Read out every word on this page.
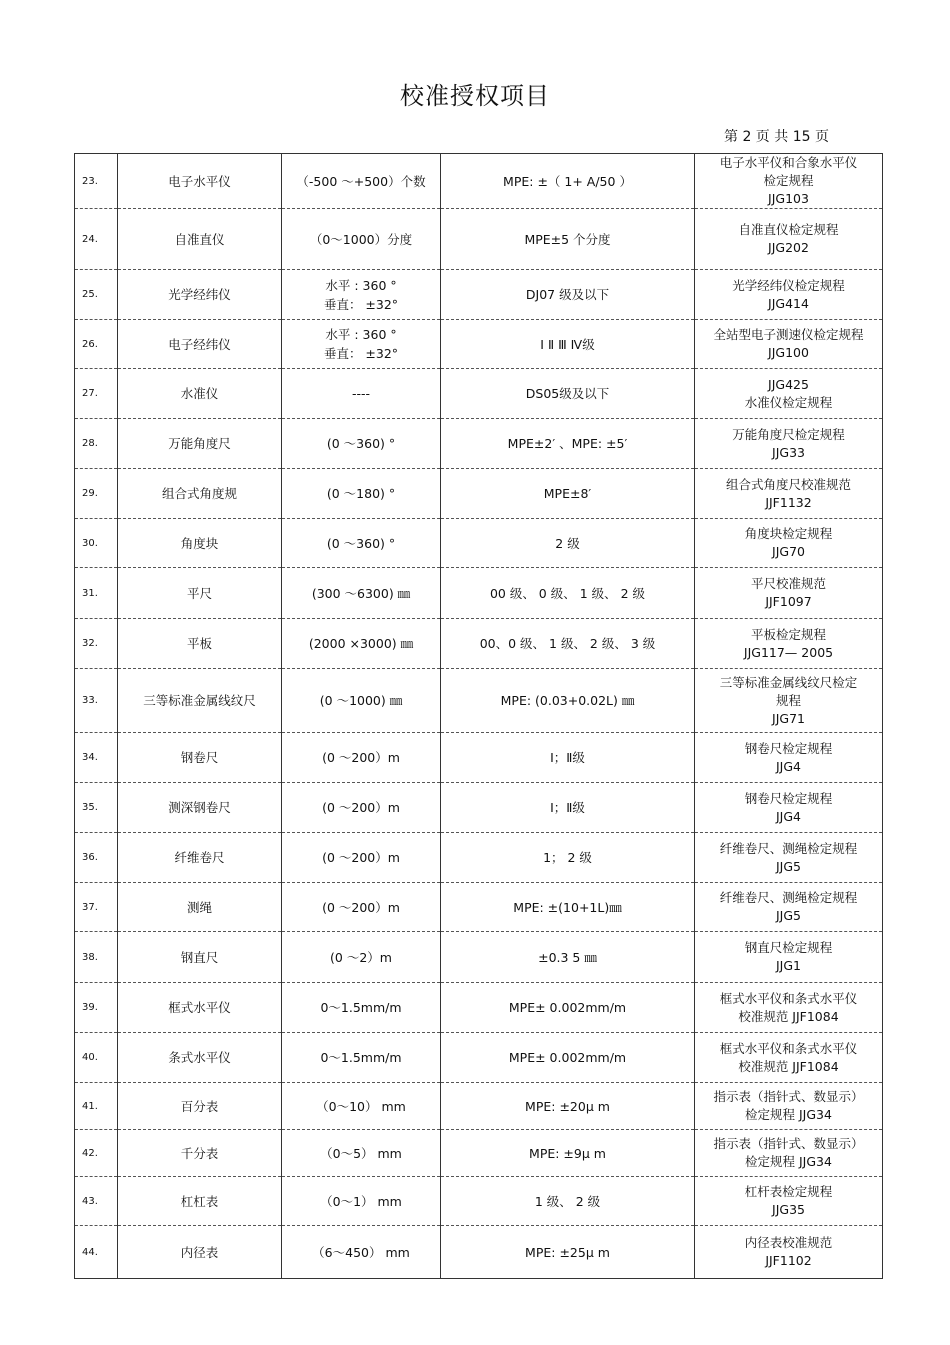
校准授权项目
第 2 页 共 15 页
23.	电子水平仪	（-500 ～+500）个数	MPE: ±（ 1+ A/50 ）	电子水平仪和合象水平仪
检定规程
JJG103

24.	自准直仪	（0～1000）分度	MPE±5 个分度	自准直仪检定规程
JJG202

25.	光学经纬仪	水平 : 360 °
垂直： ±32°	DJ07 级及以下	光学经纬仪检定规程
JJG414

26.	电子经纬仪	水平 : 360 °
垂直： ±32°	Ⅰ Ⅱ Ⅲ Ⅳ级	全站型电子测速仪检定规程
JJG100

27.	水准仪	----	DS05级及以下	JJG425
水准仪检定规程

28.	万能角度尺	(0 ～360) °	MPE±2′ 、MPE: ±5′	万能角度尺检定规程
JJG33

29.	组合式角度规	(0 ～180) °	MPE±8′	组合式角度尺校准规范
JJF1132

30.	角度块	(0 ～360) °	2 级	角度块检定规程
JJG70

31.	平尺	(300 ～6300) ㎜	00 级、 0 级、 1 级、 2 级	平尺校准规范
JJF1097

32.	平板	(2000 ×3000) ㎜	00、0 级、 1 级、 2 级、 3 级	平板检定规程
JJG117— 2005

33.	三等标准金属线纹尺	(0 ～1000) ㎜	MPE: (0.03+0.02L) ㎜	三等标准金属线纹尺检定
规程
JJG71

34.	钢卷尺	(0 ～200）m	Ⅰ；Ⅱ级	钢卷尺检定规程
JJG4

35.	测深钢卷尺	(0 ～200）m	Ⅰ；Ⅱ级	钢卷尺检定规程
JJG4

36.	纤维卷尺	(0 ～200）m	1； 2 级	纤维卷尺、测绳检定规程
JJG5

37.	测绳	(0 ～200）m	MPE: ±(10+1L)㎜	纤维卷尺、测绳检定规程
JJG5

38.	钢直尺	(0 ～2）m	±0.3 5 ㎜	钢直尺检定规程
JJG1

39.	框式水平仪	0～1.5mm/m	MPE± 0.002mm/m	框式水平仪和条式水平仪
校准规范 JJF1084

40.	条式水平仪	0～1.5mm/m	MPE± 0.002mm/m	框式水平仪和条式水平仪
校准规范 JJF1084

41.	百分表	（0～10） mm	MPE: ±20μ m	指示表（指针式、数显示）
检定规程 JJG34

42.	千分表	（0～5） mm	MPE: ±9μ m	指示表（指针式、数显示）
检定规程 JJG34

43.	杠杠表	（0～1） mm	1 级、 2 级	杠杆表检定规程
JJG35

44.	内径表	（6～450） mm	MPE: ±25μ m	内径表校准规范
JJF1102
